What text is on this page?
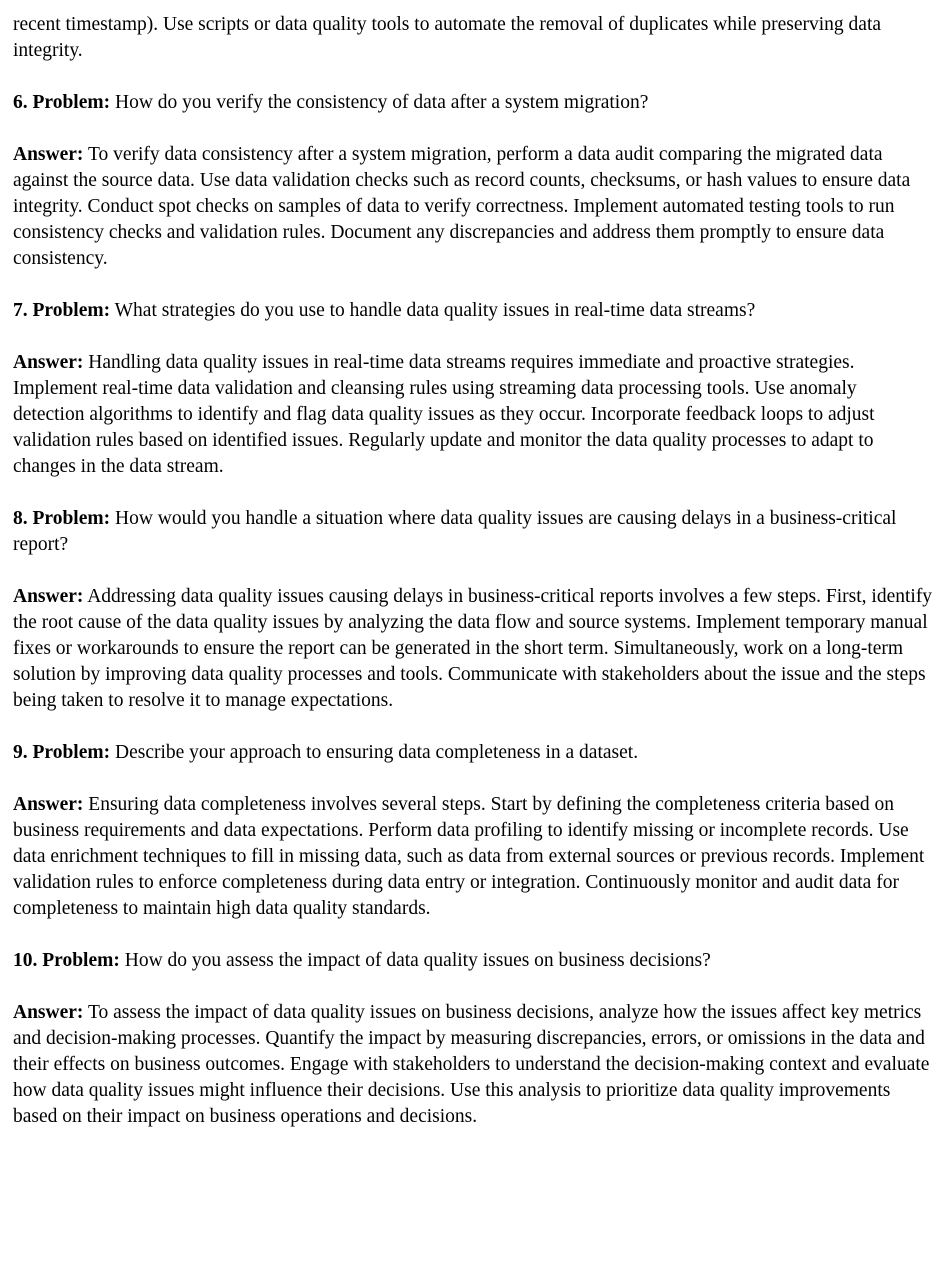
recent timestamp). Use scripts or data quality tools to automate the removal of duplicates while preserving data integrity.

6. Problem: How do you verify the consistency of data after a system migration?

Answer: To verify data consistency after a system migration, perform a data audit comparing the migrated data against the source data. Use data validation checks such as record counts, checksums, or hash values to ensure data integrity. Conduct spot checks on samples of data to verify correctness. Implement automated testing tools to run consistency checks and validation rules. Document any discrepancies and address them promptly to ensure data consistency.

7. Problem: What strategies do you use to handle data quality issues in real-time data streams?

Answer: Handling data quality issues in real-time data streams requires immediate and proactive strategies. Implement real-time data validation and cleansing rules using streaming data processing tools. Use anomaly detection algorithms to identify and flag data quality issues as they occur. Incorporate feedback loops to adjust validation rules based on identified issues. Regularly update and monitor the data quality processes to adapt to changes in the data stream.

8. Problem: How would you handle a situation where data quality issues are causing delays in a business-critical report?

Answer: Addressing data quality issues causing delays in business-critical reports involves a few steps. First, identify the root cause of the data quality issues by analyzing the data flow and source systems. Implement temporary manual fixes or workarounds to ensure the report can be generated in the short term. Simultaneously, work on a long-term solution by improving data quality processes and tools. Communicate with stakeholders about the issue and the steps being taken to resolve it to manage expectations.

9. Problem: Describe your approach to ensuring data completeness in a dataset.

Answer: Ensuring data completeness involves several steps. Start by defining the completeness criteria based on business requirements and data expectations. Perform data profiling to identify missing or incomplete records. Use data enrichment techniques to fill in missing data, such as data from external sources or previous records. Implement validation rules to enforce completeness during data entry or integration. Continuously monitor and audit data for completeness to maintain high data quality standards.

10. Problem: How do you assess the impact of data quality issues on business decisions?

Answer: To assess the impact of data quality issues on business decisions, analyze how the issues affect key metrics and decision-making processes. Quantify the impact by measuring discrepancies, errors, or omissions in the data and their effects on business outcomes. Engage with stakeholders to understand the decision-making context and evaluate how data quality issues might influence their decisions. Use this analysis to prioritize data quality improvements based on their impact on business operations and decisions.
